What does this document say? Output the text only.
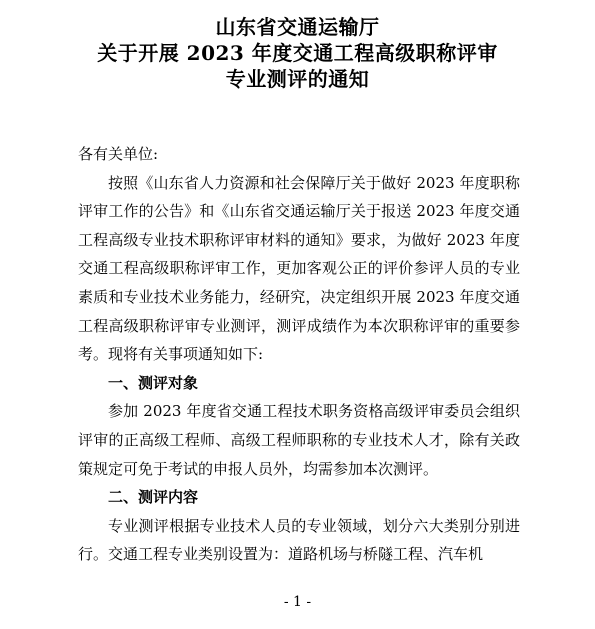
山东省交通运输厅
关于开展 2023 年度交通工程高级职称评审
专业测评的通知

各有关单位:

按照《山东省人力资源和社会保障厅关于做好 2023 年度职称评审工作的公告》和《山东省交通运输厅关于报送 2023 年度交通工程高级专业技术职称评审材料的通知》要求，为做好 2023 年度交通工程高级职称评审工作，更加客观公正的评价参评人员的专业素质和专业技术业务能力，经研究，决定组织开展 2023 年度交通工程高级职称评审专业测评，测评成绩作为本次职称评审的重要参考。现将有关事项通知如下:

一、测评对象

参加 2023 年度省交通工程技术职务资格高级评审委员会组织评审的正高级工程师、高级工程师职称的专业技术人才，除有关政策规定可免于考试的申报人员外，均需参加本次测评。

二、测评内容

专业测评根据专业技术人员的专业领域，划分六大类别分别进行。交通工程专业类别设置为：道路机场与桥隧工程、汽车机

- 1 -
